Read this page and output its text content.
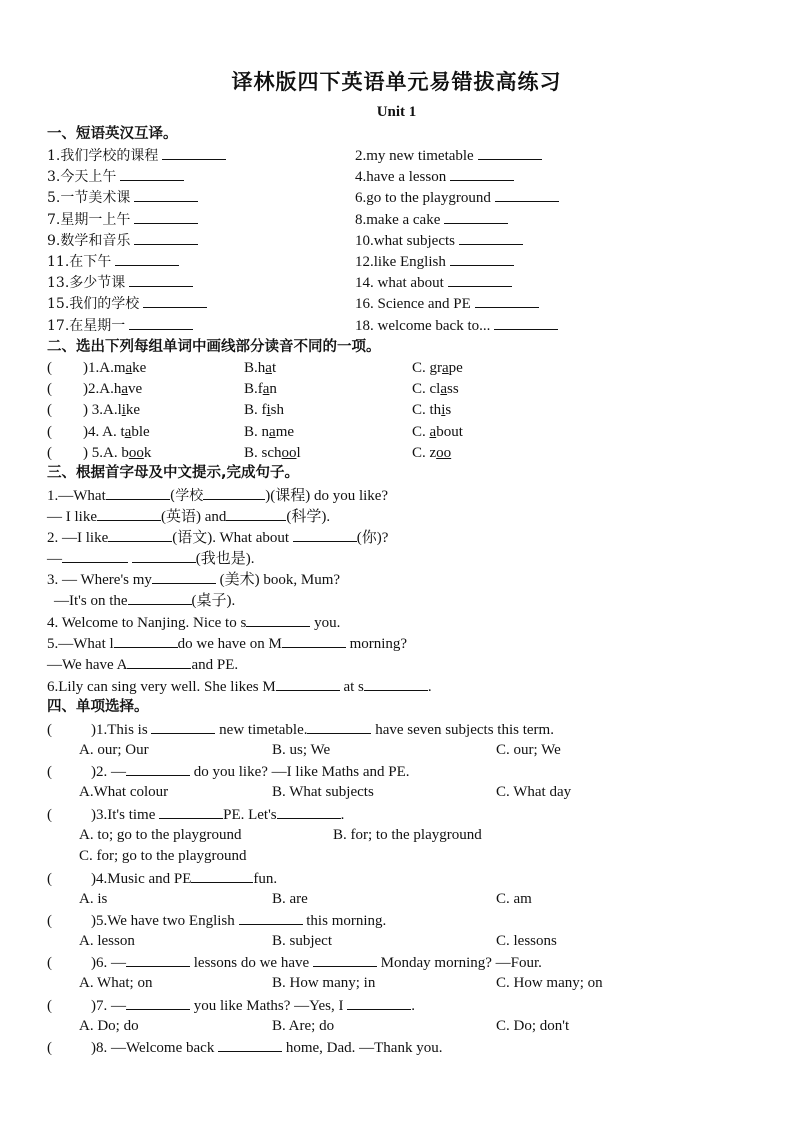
译林版四下英语单元易错拔高练习
Unit 1
一、短语英汉互译。
1.我们学校的课程	2.my new timetable
3.今天上午	4.have a lesson
5.一节美术课	6.go to the playground
7.星期一上午	8.make a cake
9.数学和音乐	10.what subjects
11.在下午	12.like English
13.多少节课	14. what about
15.我们的学校	16. Science and PE
17.在星期一	18. welcome back to...
二、选出下列每组单词中画线部分读音不同的一项。
( )1.A.make	B.hat	C. grape
( )2.A.have	B.fan	C. class
( ) 3.A.like	B. fish	C. this
( )4. A. table	B. name	C. about
( ) 5.A. book	B. school	C. zoo
三、根据首字母及中文提示,完成句子。
1.—What	(学校	)(课程) do you like?
— I like	(英语) and	(科学).
2. —I like	(语文). What about	(你)?
—	(我也是).
3. — Where's my	(美术) book, Mum?
—It's on the	(桌子).
4. Welcome to Nanjing. Nice to s	you.
5.—What l	do we have on M	morning?
—We have A	and PE.
6.Lily can sing very well. She likes M	at s	.
四、单项选择。
(	)1.This is	new timetable.	have seven subjects this term.
A. our; Our	B. us; We	C. our; We
(	)2. —	do you like? —I like Maths and PE.
A.What colour	B. What subjects	C. What day
(	)3.It's time	PE. Let's	.
A. to; go to the playground	B. for; to the playground
C. for; go to the playground
(	)4.Music and PE	fun.
A. is	B. are	C. am
(	)5.We have two English	this morning.
A. lesson	B. subject	C. lessons
(	)6. —	lessons do we have	Monday morning? —Four.
A. What; on	B. How many; in	C. How many; on
(	)7. —	you like Maths? —Yes, I	.
A. Do; do	B. Are; do	C. Do; don't
(	)8. —Welcome back	home, Dad. —Thank you.
